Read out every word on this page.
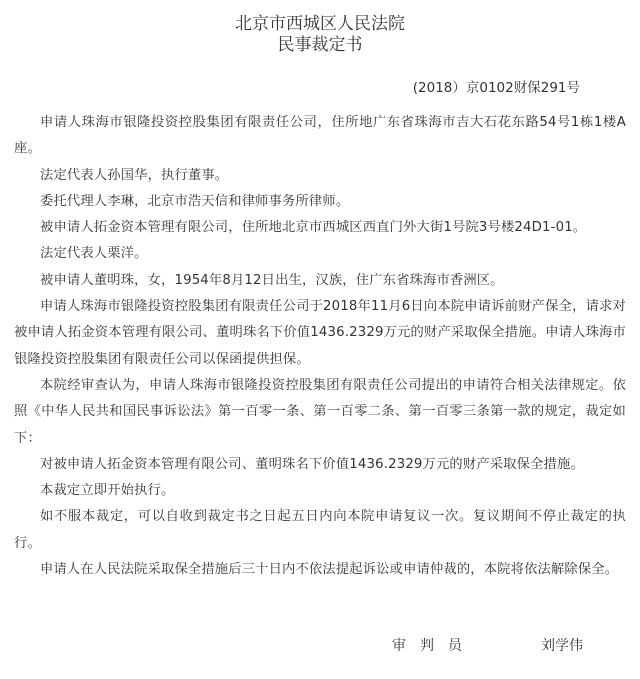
北京市西城区人民法院
民事裁定书
(2018）京0102财保291号

申请人珠海市银隆投资控股集团有限责任公司，住所地广东省珠海市吉大石花东路54号1栋1楼A座。

法定代表人孙国华，执行董事。

委托代理人李琳，北京市浩天信和律师事务所律师。

被申请人拓金资本管理有限公司，住所地北京市西城区西直门外大街1号院3号楼24D1-01。

法定代表人栗洋。

被申请人董明珠，女，1954年8月12日出生，汉族，住广东省珠海市香洲区。

申请人珠海市银隆投资控股集团有限责任公司于2018年11月6日向本院申请诉前财产保全，请求对被申请人拓金资本管理有限公司、董明珠名下价值1436.2329万元的财产采取保全措施。申请人珠海市银隆投资控股集团有限责任公司以保函提供担保。

本院经审查认为，申请人珠海市银隆投资控股集团有限责任公司提出的申请符合相关法律规定。依照《中华人民共和国民事诉讼法》第一百零一条、第一百零二条、第一百零三条第一款的规定，裁定如下：

对被申请人拓金资本管理有限公司、董明珠名下价值1436.2329万元的财产采取保全措施。

本裁定立即开始执行。

如不服本裁定，可以自收到裁定书之日起五日内向本院申请复议一次。复议期间不停止裁定的执行。

申请人在人民法院采取保全措施后三十日内不依法提起诉讼或申请仲裁的，本院将依法解除保全。

审判员	刘学伟
